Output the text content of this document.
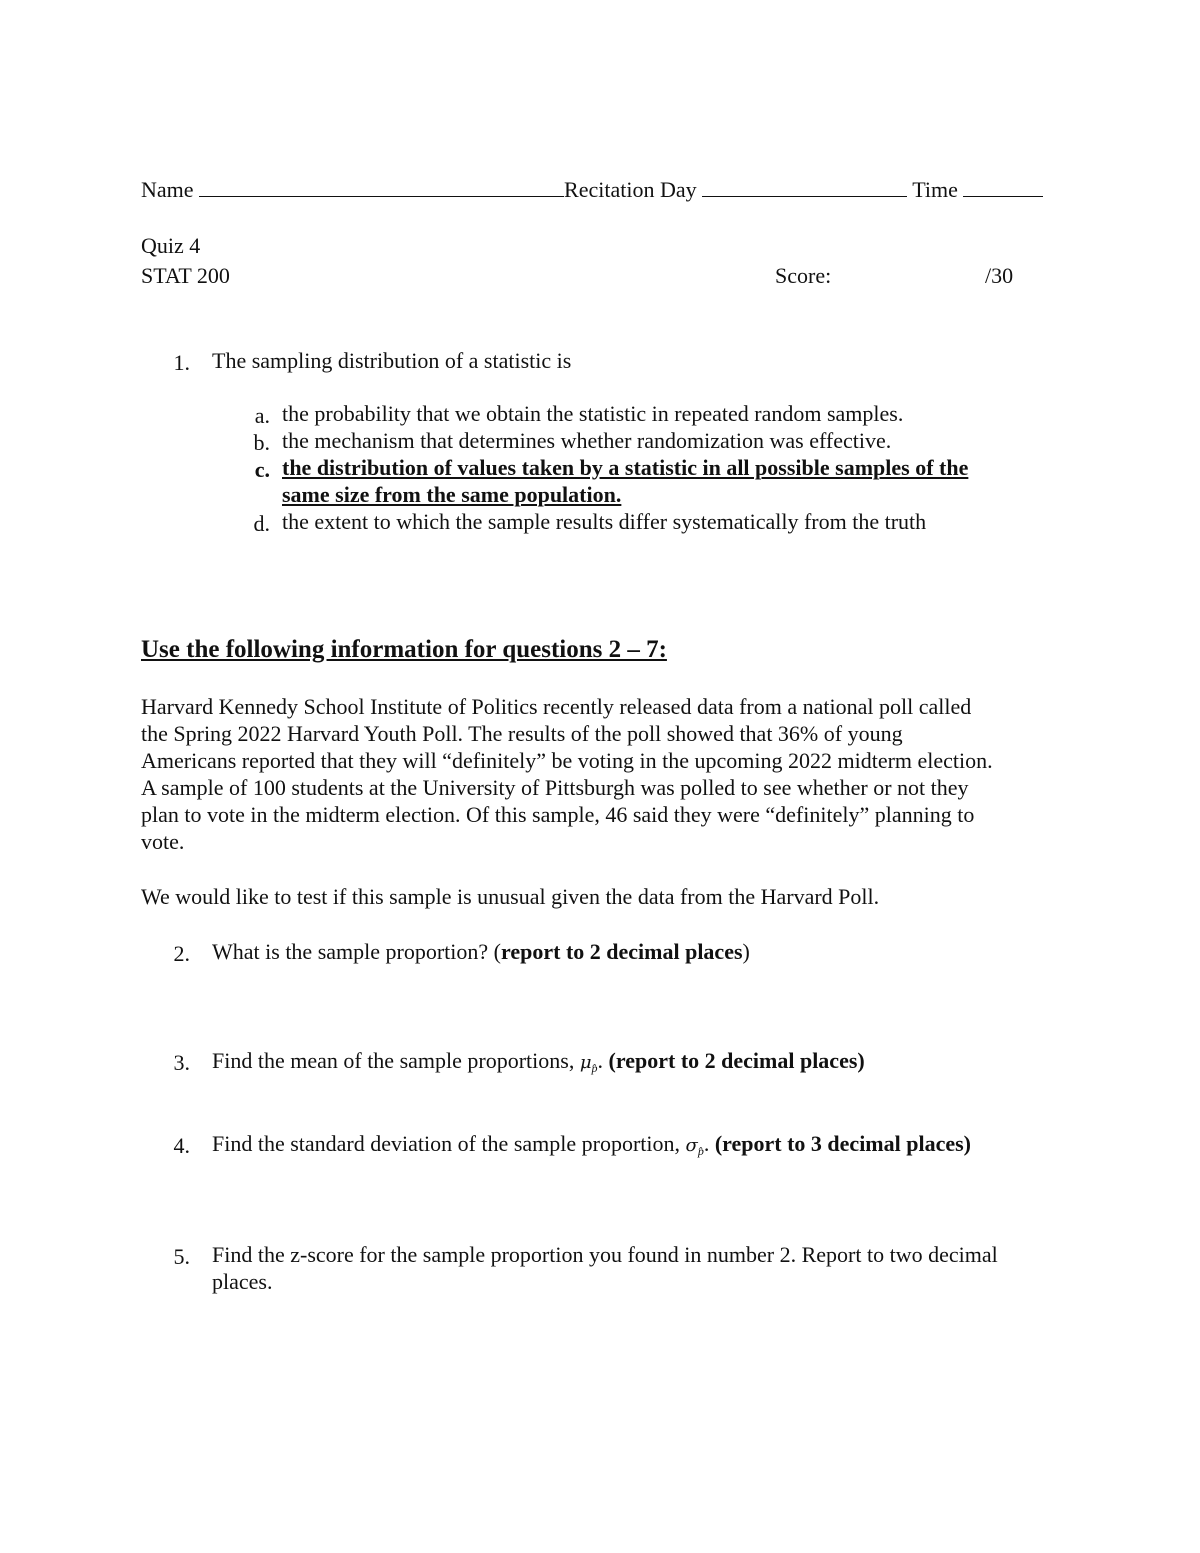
Name	Recitation Day	Time
Quiz 4
STAT 200	Score:	/30
1. The sampling distribution of a statistic is
a. the probability that we obtain the statistic in repeated random samples.
b. the mechanism that determines whether randomization was effective.
c. the distribution of values taken by a statistic in all possible samples of the
same size from the same population.
d. the extent to which the sample results differ systematically from the truth
Use the following information for questions 2 – 7:
Harvard Kennedy School Institute of Politics recently released data from a national poll called
the Spring 2022 Harvard Youth Poll. The results of the poll showed that 36% of young
Americans reported that they will “definitely” be voting in the upcoming 2022 midterm election.
A sample of 100 students at the University of Pittsburgh was polled to see whether or not they
plan to vote in the midterm election. Of this sample, 46 said they were “definitely” planning to
vote.
We would like to test if this sample is unusual given the data from the Harvard Poll.
2. What is the sample proportion? (report to 2 decimal places)
3. Find the mean of the sample proportions, $\mu_{p̂}$. (report to 2 decimal places)
4. Find the standard deviation of the sample proportion, $\sigma_{p̂}$. (report to 3 decimal places)
5. Find the z-score for the sample proportion you found in number 2. Report to two decimal
places.
